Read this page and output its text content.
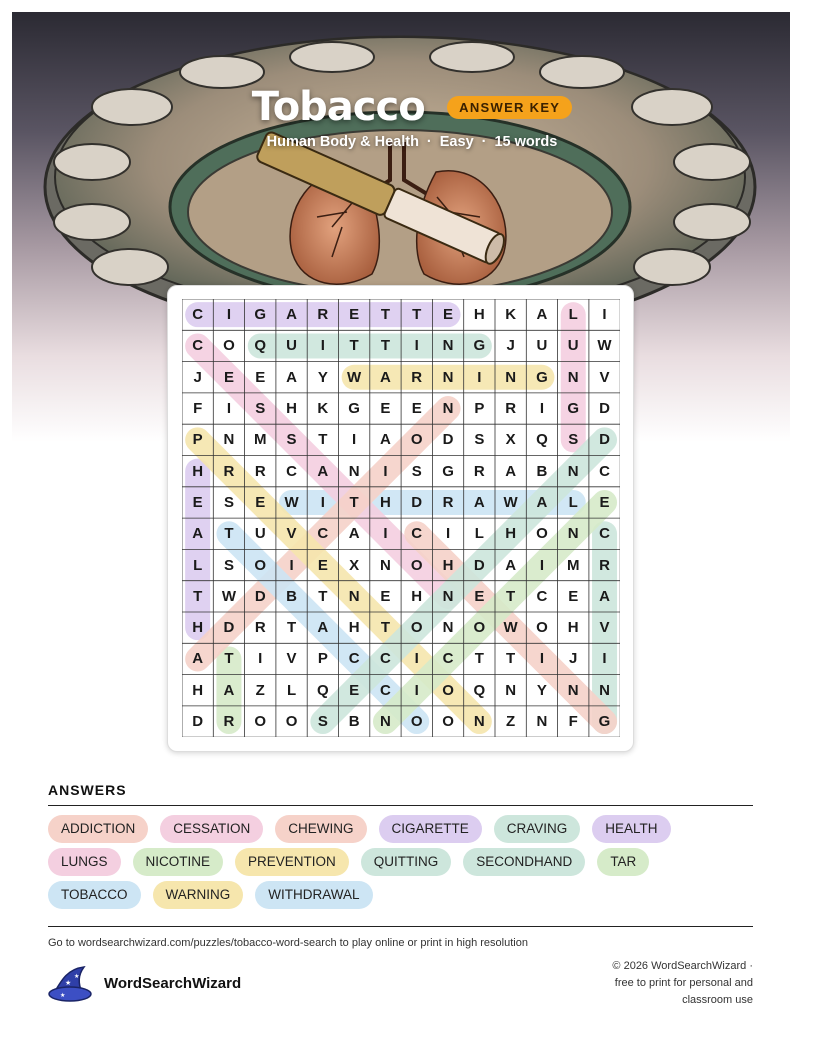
Tobacco	ANSWER KEY
Human Body & Health · Easy · 15 words
C	I	G	A	R	E	T	T	E	H	K	A	L	I
C	O	Q	U	I	T	T	I	N	G	J	U	U	W
J	E	E	A	Y	W	A	R	N	I	N	G	N	V
F	I	S	H	K	G	E	E	N	P	R	I	G	D
P	N	M	S	T	I	A	O	D	S	X	Q	S	D
H	R	R	C	A	N	I	S	G	R	A	B	N	C
E	S	E	W	I	T	H	D	R	A	W	A	L	E
A	T	U	V	C	A	I	C	I	L	H	O	N	C
L	S	O	I	E	X	N	O	H	D	A	I	M	R
T	W	D	B	T	N	E	H	N	E	T	C	E	A
H	D	R	T	A	H	T	O	N	O	W	O	H	V
A	T	I	V	P	C	C	I	C	T	T	I	J	I
H	A	Z	L	Q	E	C	I	O	Q	N	Y	N	N
D	R	O	O	S	B	N	O	O	N	Z	N	F	G
ANSWERS
ADDICTION	CESSATION	CHEWING	CIGARETTE	CRAVING	HEALTH
LUNGS	NICOTINE	PREVENTION	QUITTING	SECONDHAND	TAR
TOBACCO	WARNING	WITHDRAWAL
Go to wordsearchwizard.com/puzzles/tobacco-word-search to play online or print in high resolution
★
★
★
WordSearchWizard
© 2026 WordSearchWizard ·
free to print for personal and
classroom use
